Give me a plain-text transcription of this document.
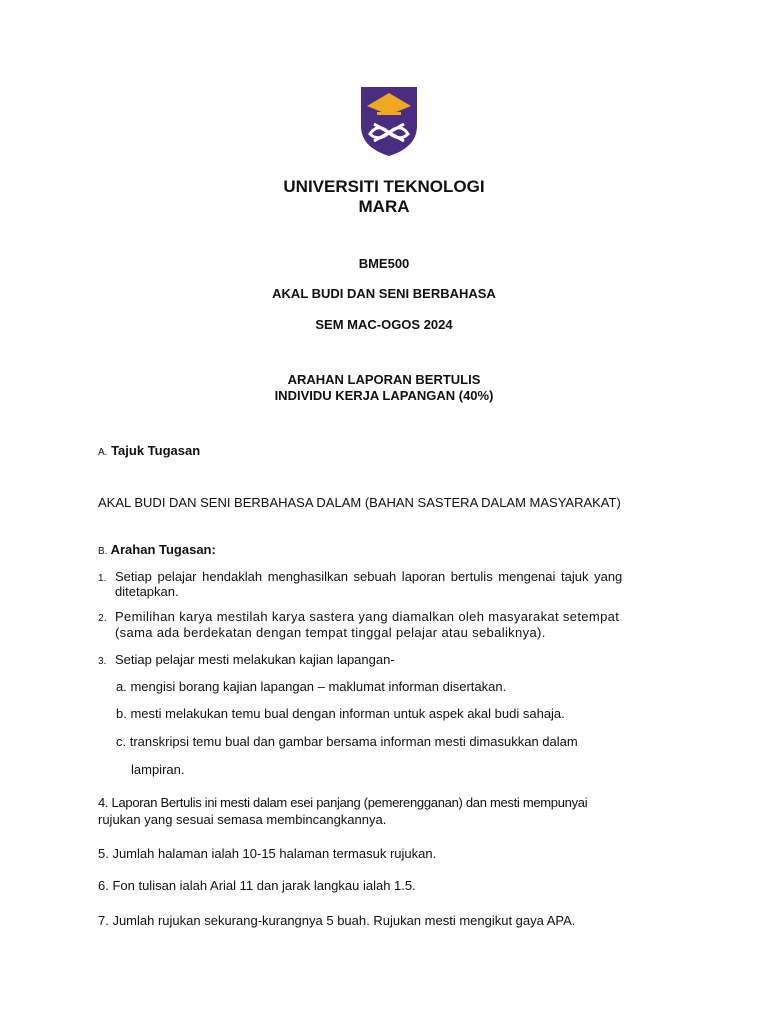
UNIVERSITI TEKNOLOGI
MARA
BME500
AKAL BUDI DAN SENI BERBAHASA
SEM MAC-OGOS 2024
ARAHAN LAPORAN BERTULIS
INDIVIDU KERJA LAPANGAN (40%)
A. Tajuk Tugasan
AKAL BUDI DAN SENI BERBAHASA DALAM (BAHAN SASTERA DALAM MASYARAKAT)
B. Arahan Tugasan:
1. Setiap pelajar hendaklah menghasilkan sebuah laporan bertulis mengenai tajuk yang
ditetapkan.
2. Pemilihan karya mestilah karya sastera yang diamalkan oleh masyarakat setempat
(sama ada berdekatan dengan tempat tinggal pelajar atau sebaliknya).
3. Setiap pelajar mesti melakukan kajian lapangan-
a. mengisi borang kajian lapangan – maklumat informan disertakan.
b. mesti melakukan temu bual dengan informan untuk aspek akal budi sahaja.
c. transkripsi temu bual dan gambar bersama informan mesti dimasukkan dalam
lampiran.
4. Laporan Bertulis ini mesti dalam esei panjang (pemerengganan) dan mesti mempunyai
rujukan yang sesuai semasa membincangkannya.
5. Jumlah halaman ialah 10-15 halaman termasuk rujukan.
6. Fon tulisan ialah Arial 11 dan jarak langkau ialah 1.5.
7. Jumlah rujukan sekurang-kurangnya 5 buah. Rujukan mesti mengikut gaya APA.
